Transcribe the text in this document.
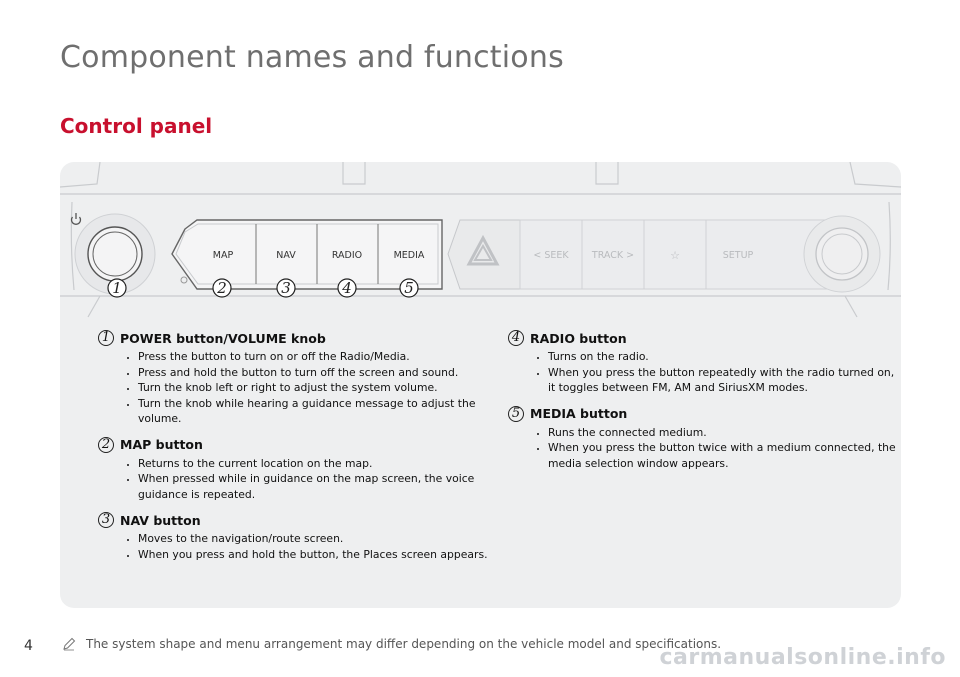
Component names and functions
Control panel
MAP	NAV	RADIO	MEDIA	< SEEK TRACK >	☆	SETUP
1	2	3	4	5
1 POWER button/VOLUME knob
• Press the button to turn on or off the Radio/Media.
• Press and hold the button to turn off the screen and sound.
• Turn the knob left or right to adjust the system volume.
• Turn the knob while hearing a guidance message to adjust the volume.
2 MAP button
• Returns to the current location on the map.
• When pressed while in guidance on the map screen, the voice guidance is repeated.
3 NAV button
• Moves to the navigation/route screen.
• When you press and hold the button, the Places screen appears.
4 RADIO button
• Turns on the radio.
• When you press the button repeatedly with the radio turned on, it toggles between FM, AM and SiriusXM modes.
5 MEDIA button
• Runs the connected medium.
• When you press the button twice with a medium connected, the media selection window appears.
4	The system shape and menu arrangement may differ depending on the vehicle model and specifications.
carmanualsonline.info
